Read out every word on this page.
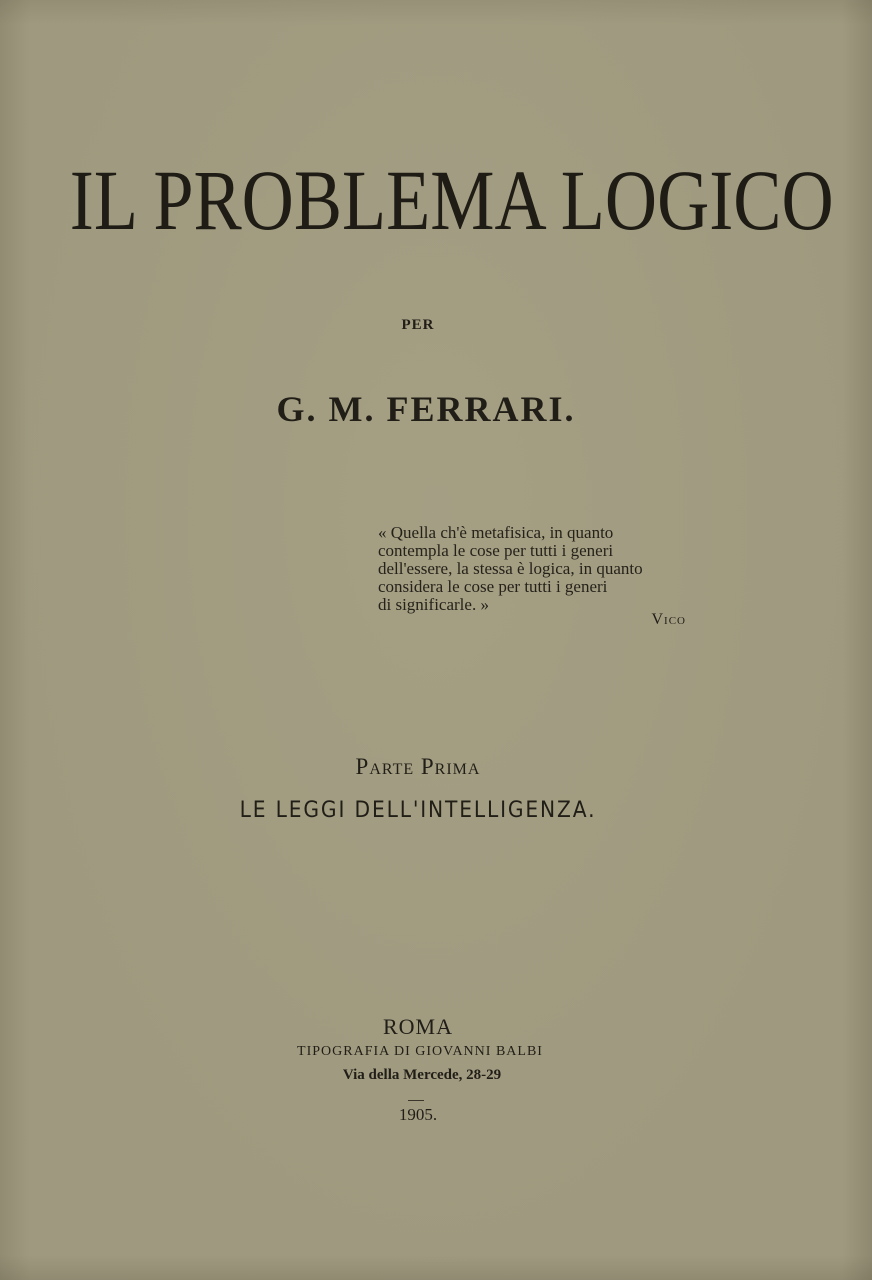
IL PROBLEMA LOGICO
PER
G. M. FERRARI.
« Quella ch'è metafisica, in quanto
contempla le cose per tutti i generi
dell'essere, la stessa è logica, in quanto
considera le cose per tutti i generi
di significarle. »
Vico
Parte Prima
LE LEGGI DELL'INTELLIGENZA.
ROMA
TIPOGRAFIA DI GIOVANNI BALBI
Via della Mercede, 28-29
1905.
